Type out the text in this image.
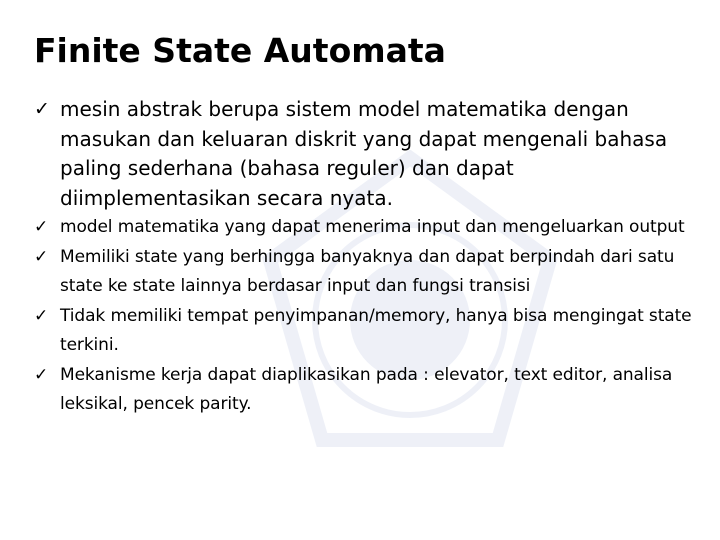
Finite State Automata
✓ mesin abstrak berupa sistem model matematika dengan masukan dan keluaran diskrit yang dapat mengenali bahasa paling sederhana (bahasa reguler) dan dapat diimplementasikan secara nyata.
✓ model matematika yang dapat menerima input dan mengeluarkan output
✓ Memiliki state yang berhingga banyaknya dan dapat berpindah dari satu state ke state lainnya berdasar input dan fungsi transisi
✓ Tidak memiliki tempat penyimpanan/memory, hanya bisa mengingat state terkini.
✓ Mekanisme kerja dapat diaplikasikan pada : elevator, text editor, analisa leksikal, pencek parity.
